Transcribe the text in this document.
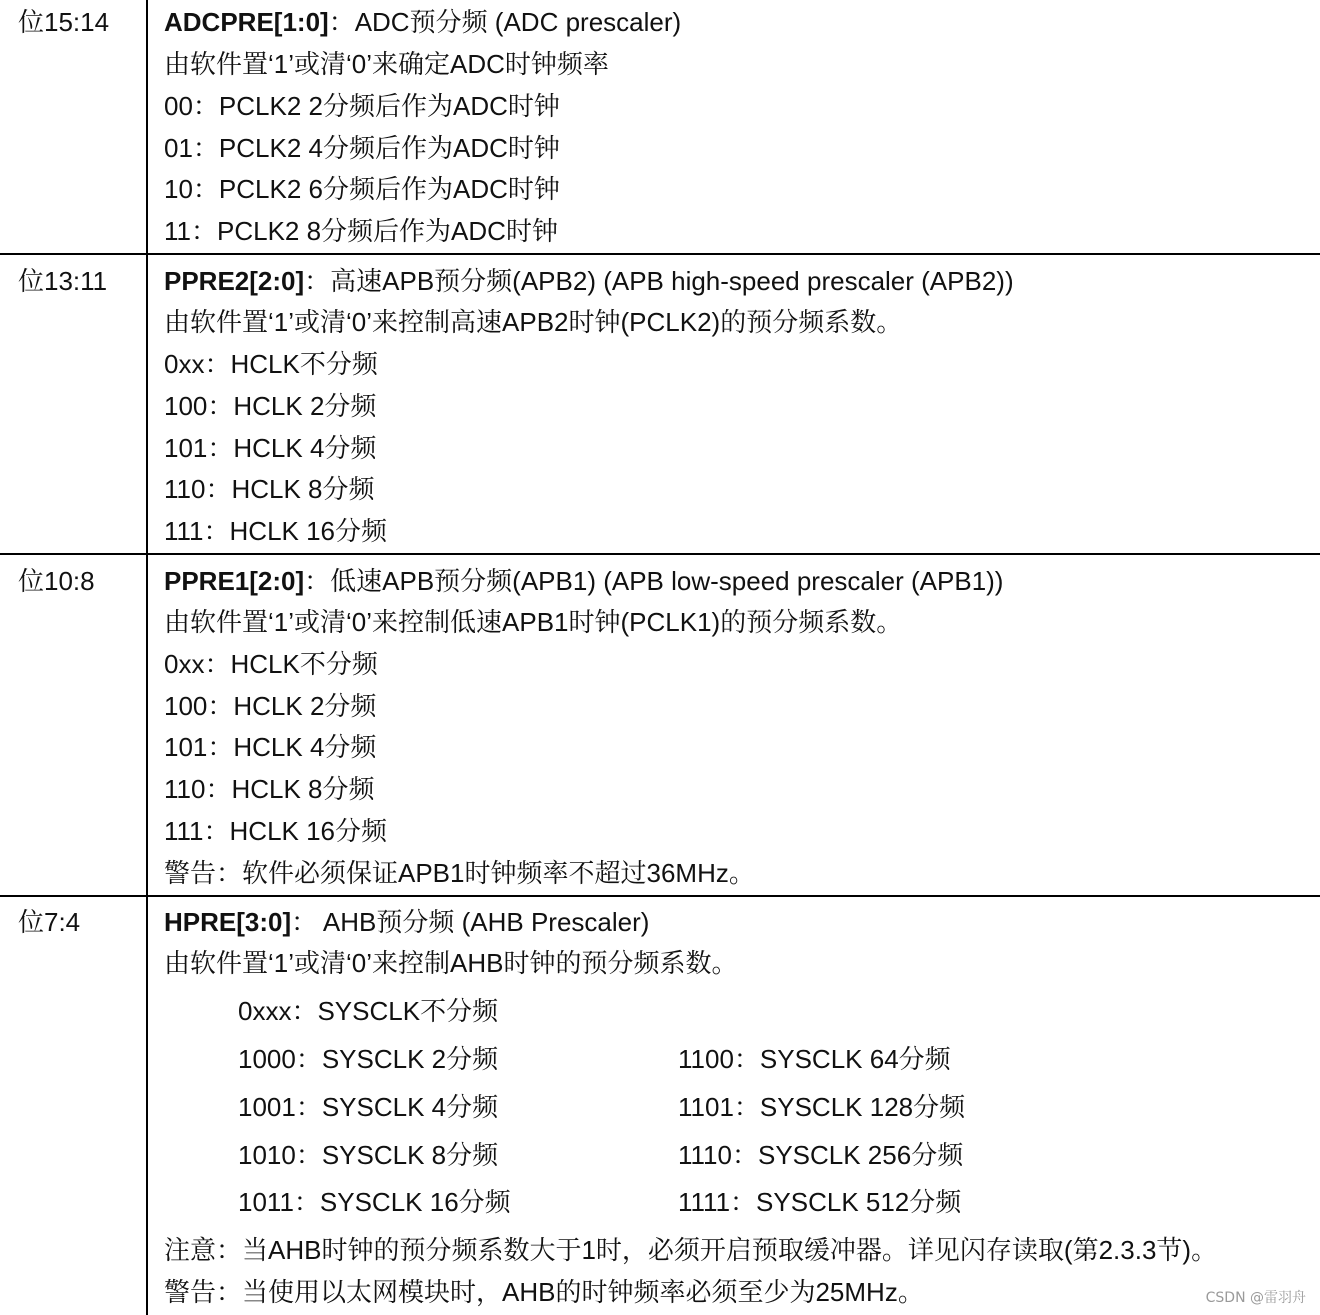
位15:14 ADCPRE[1:0]：ADC预分频 (ADC prescaler)
由软件置‘1’或清‘0’来确定ADC时钟频率
00：PCLK2 2分频后作为ADC时钟
01：PCLK2 4分频后作为ADC时钟
10：PCLK2 6分频后作为ADC时钟
11：PCLK2 8分频后作为ADC时钟
位13:11 PPRE2[2:0]：高速APB预分频(APB2) (APB high-speed prescaler (APB2))
由软件置‘1’或清‘0’来控制高速APB2时钟(PCLK2)的预分频系数。
0xx：HCLK不分频
100：HCLK 2分频
101：HCLK 4分频
110：HCLK 8分频
111：HCLK 16分频
位10:8	PPRE1[2:0]：低速APB预分频(APB1) (APB low-speed prescaler (APB1))
由软件置‘1’或清‘0’来控制低速APB1时钟(PCLK1)的预分频系数。
0xx：HCLK不分频
100：HCLK 2分频
101：HCLK 4分频
110：HCLK 8分频
111：HCLK 16分频
警告：软件必须保证APB1时钟频率不超过36MHz。
位7:4	HPRE[3:0]： AHB预分频 (AHB Prescaler)
由软件置‘1’或清‘0’来控制AHB时钟的预分频系数。
0xxx：SYSCLK不分频
1000：SYSCLK 2分频	1100：SYSCLK 64分频
1001：SYSCLK 4分频	1101：SYSCLK 128分频
1010：SYSCLK 8分频	1110：SYSCLK 256分频
1011：SYSCLK 16分频	1111：SYSCLK 512分频
注意：当AHB时钟的预分频系数大于1时，必须开启预取缓冲器。详见闪存读取(第2.3.3节)。
警告：当使用以太网模块时，AHB的时钟频率必须至少为25MHz。	CSDN @雷羽舟
